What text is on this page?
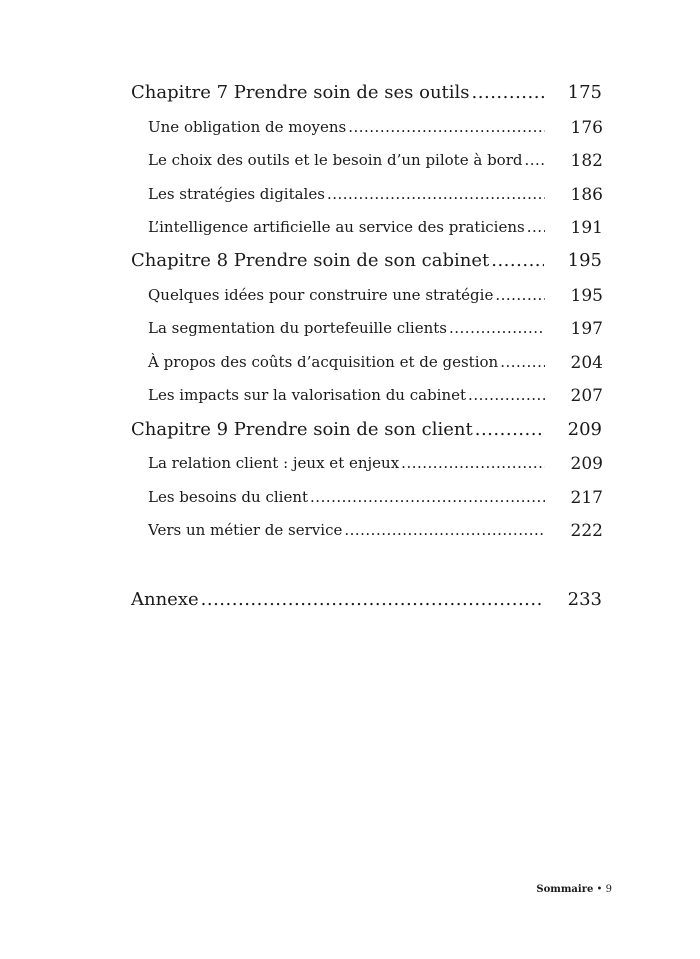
Chapitre 7 Prendre soin de ses outils .....	175
Une obligation de moyens .....	176
Le choix des outils et le besoin d’un pilote à bord .....	182
Les stratégies digitales .....	186
L’intelligence artificielle au service des praticiens .....	191
Chapitre 8 Prendre soin de son cabinet .....	195
Quelques idées pour construire une stratégie .....	195
La segmentation du portefeuille clients .....	197
À propos des coûts d’acquisition et de gestion .....	204
Les impacts sur la valorisation du cabinet .....	207
Chapitre 9 Prendre soin de son client .....	209
La relation client : jeux et enjeux .....	209
Les besoins du client .....	217
Vers un métier de service .....	222
Annexe .....	233
Sommaire • 9
